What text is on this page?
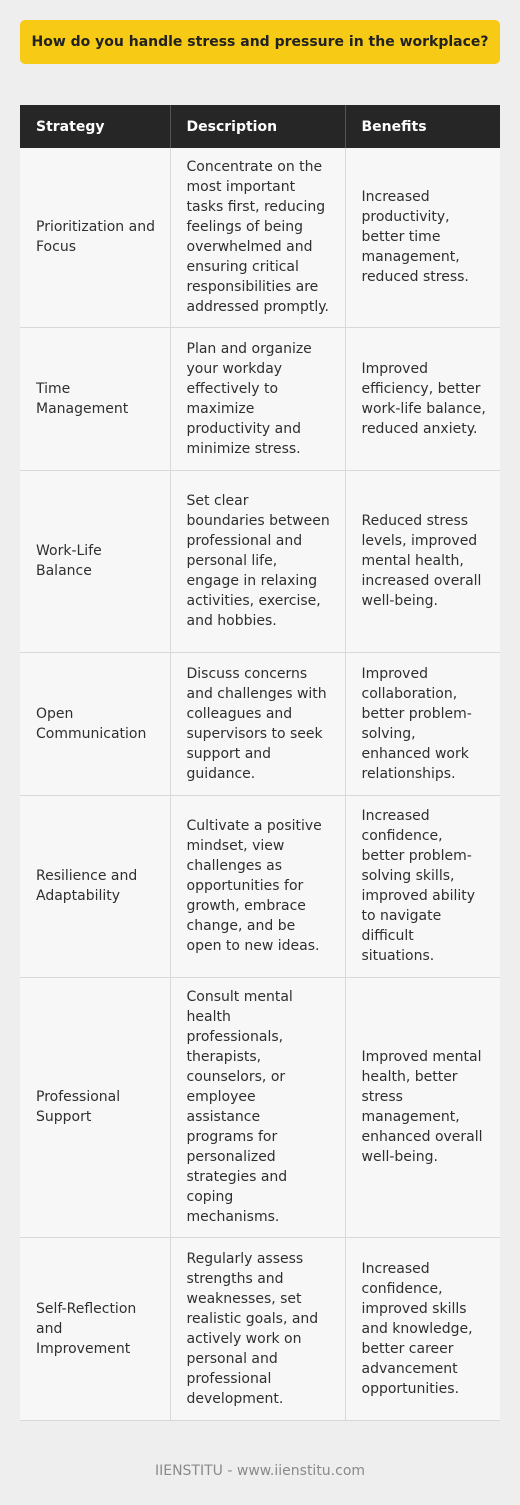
How do you handle stress and pressure in the workplace?
Strategy	Description	Benefits
Prioritization and Focus	Concentrate on the most important tasks first, reducing feelings of being overwhelmed and ensuring critical responsibilities are addressed promptly.	Increased productivity, better time management, reduced stress.
Time Management	Plan and organize your workday effectively to maximize productivity and minimize stress.	Improved efficiency, better work-life balance, reduced anxiety.
Work-Life Balance	Set clear boundaries between professional and personal life, engage in relaxing activities, exercise, and hobbies.	Reduced stress levels, improved mental health, increased overall well-being.
Open Communication	Discuss concerns and challenges with colleagues and supervisors to seek support and guidance.	Improved collaboration, better problem-solving, enhanced work relationships.
Resilience and Adaptability	Cultivate a positive mindset, view challenges as opportunities for growth, embrace change, and be open to new ideas.	Increased confidence, better problem-solving skills, improved ability to navigate difficult situations.
Professional Support	Consult mental health professionals, therapists, counselors, or employee assistance programs for personalized strategies and coping mechanisms.	Improved mental health, better stress management, enhanced overall well-being.
Self-Reflection and Improvement	Regularly assess strengths and weaknesses, set realistic goals, and actively work on personal and professional development.	Increased confidence, improved skills and knowledge, better career advancement opportunities.
IIENSTITU - www.iienstitu.com
